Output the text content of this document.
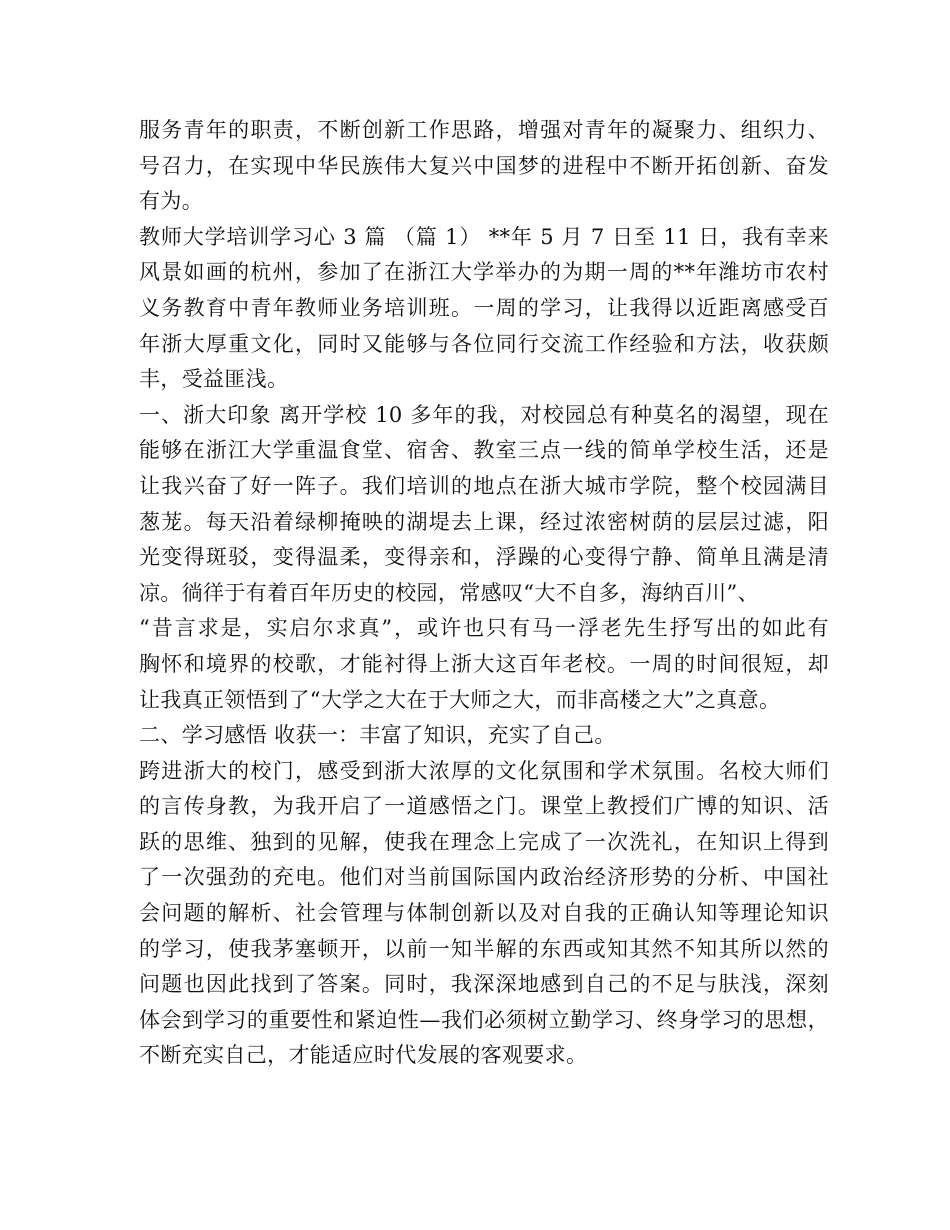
服务青年的职责，不断创新工作思路，增强对青年的凝聚力、组织力、
号召力，在实现中华民族伟大复兴中国梦的进程中不断开拓创新、奋发
有为。
教师大学培训学习心 3 篇 （篇 1） **年 5 月 7 日至 11 日，我有幸来
风景如画的杭州，参加了在浙江大学举办的为期一周的**年潍坊市农村
义务教育中青年教师业务培训班。一周的学习，让我得以近距离感受百
年浙大厚重文化，同时又能够与各位同行交流工作经验和方法，收获颇
丰，受益匪浅。
一、浙大印象 离开学校 10 多年的我，对校园总有种莫名的渴望，现在
能够在浙江大学重温食堂、宿舍、教室三点一线的简单学校生活，还是
让我兴奋了好一阵子。我们培训的地点在浙大城市学院，整个校园满目
葱茏。每天沿着绿柳掩映的湖堤去上课，经过浓密树荫的层层过滤，阳
光变得斑驳，变得温柔，变得亲和，浮躁的心变得宁静、简单且满是清
凉。徜徉于有着百年历史的校园，常感叹“大不自多，海纳百川”、
“昔言求是，实启尔求真”，或许也只有马一浮老先生抒写出的如此有
胸怀和境界的校歌，才能衬得上浙大这百年老校。一周的时间很短，却
让我真正领悟到了“大学之大在于大师之大，而非高楼之大”之真意。
二、学习感悟 收获一：丰富了知识，充实了自己。
跨进浙大的校门，感受到浙大浓厚的文化氛围和学术氛围。名校大师们
的言传身教，为我开启了一道感悟之门。课堂上教授们广博的知识、活
跃的思维、独到的见解，使我在理念上完成了一次洗礼，在知识上得到
了一次强劲的充电。他们对当前国际国内政治经济形势的分析、中国社
会问题的解析、社会管理与体制创新以及对自我的正确认知等理论知识
的学习，使我茅塞顿开，以前一知半解的东西或知其然不知其所以然的
问题也因此找到了答案。同时，我深深地感到自己的不足与肤浅，深刻
体会到学习的重要性和紧迫性—我们必须树立勤学习、终身学习的思想，
不断充实自己，才能适应时代发展的客观要求。
